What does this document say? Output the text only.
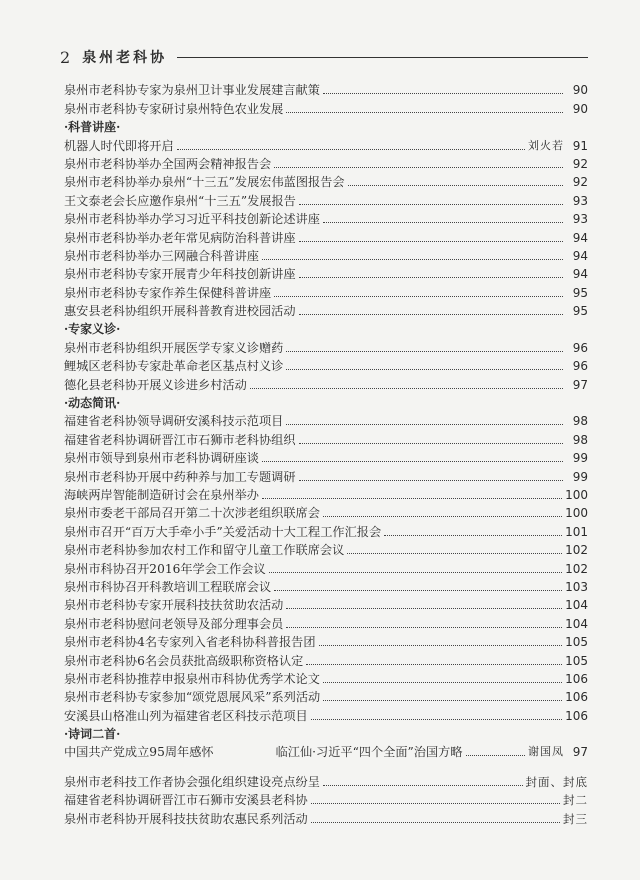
2 泉州老科协
泉州市老科协专家为泉州卫计事业发展建言献策	90
泉州市老科协专家研讨泉州特色农业发展	90
·科普讲座·
机器人时代即将开启	刘火若 91
泉州市老科协举办全国两会精神报告会	92
泉州市老科协举办泉州“十三五”发展宏伟蓝图报告会	92
王文泰老会长应邀作泉州“十三五”发展报告	93
泉州市老科协举办学习习近平科技创新论述讲座	93
泉州市老科协举办老年常见病防治科普讲座	94
泉州市老科协举办三网融合科普讲座	94
泉州市老科协专家开展青少年科技创新讲座	94
泉州市老科协专家作养生保健科普讲座	95
惠安县老科协组织开展科普教育进校园活动	95
·专家义诊·
泉州市老科协组织开展医学专家义诊赠药	96
鲤城区老科协专家赴革命老区基点村义诊	96
德化县老科协开展义诊进乡村活动	97
·动态简讯·
福建省老科协领导调研安溪科技示范项目	98
福建省老科协调研晋江市石狮市老科协组织	98
泉州市领导到泉州市老科协调研座谈	99
泉州市老科协开展中药种养与加工专题调研	99
海峡两岸智能制造研讨会在泉州举办	100
泉州市委老干部局召开第二十次涉老组织联席会	100
泉州市召开“百万大手牵小手”关爱活动十大工程工作汇报会	101
泉州市老科协参加农村工作和留守儿童工作联席会议	102
泉州市科协召开2016年学会工作会议	102
泉州市科协召开科教培训工程联席会议	103
泉州市老科协专家开展科技扶贫助农活动	104
泉州市老科协慰问老领导及部分理事会员	104
泉州市老科协4名专家列入省老科协科普报告团	105
泉州市老科协6名会员获批高级职称资格认定	105
泉州市老科协推荐申报泉州市科协优秀学术论文	106
泉州市老科协专家参加“颂党恩展风采”系列活动	106
安溪县山格准山列为福建省老区科技示范项目	106
·诗词二首·
中国共产党成立95周年感怀	临江仙·习近平“四个全面”治国方略	谢国凤 97
泉州市老科技工作者协会强化组织建设亮点纷呈	封面、封底
福建省老科协调研晋江市石狮市安溪县老科协	封二
泉州市老科协开展科技扶贫助农惠民系列活动	封三
